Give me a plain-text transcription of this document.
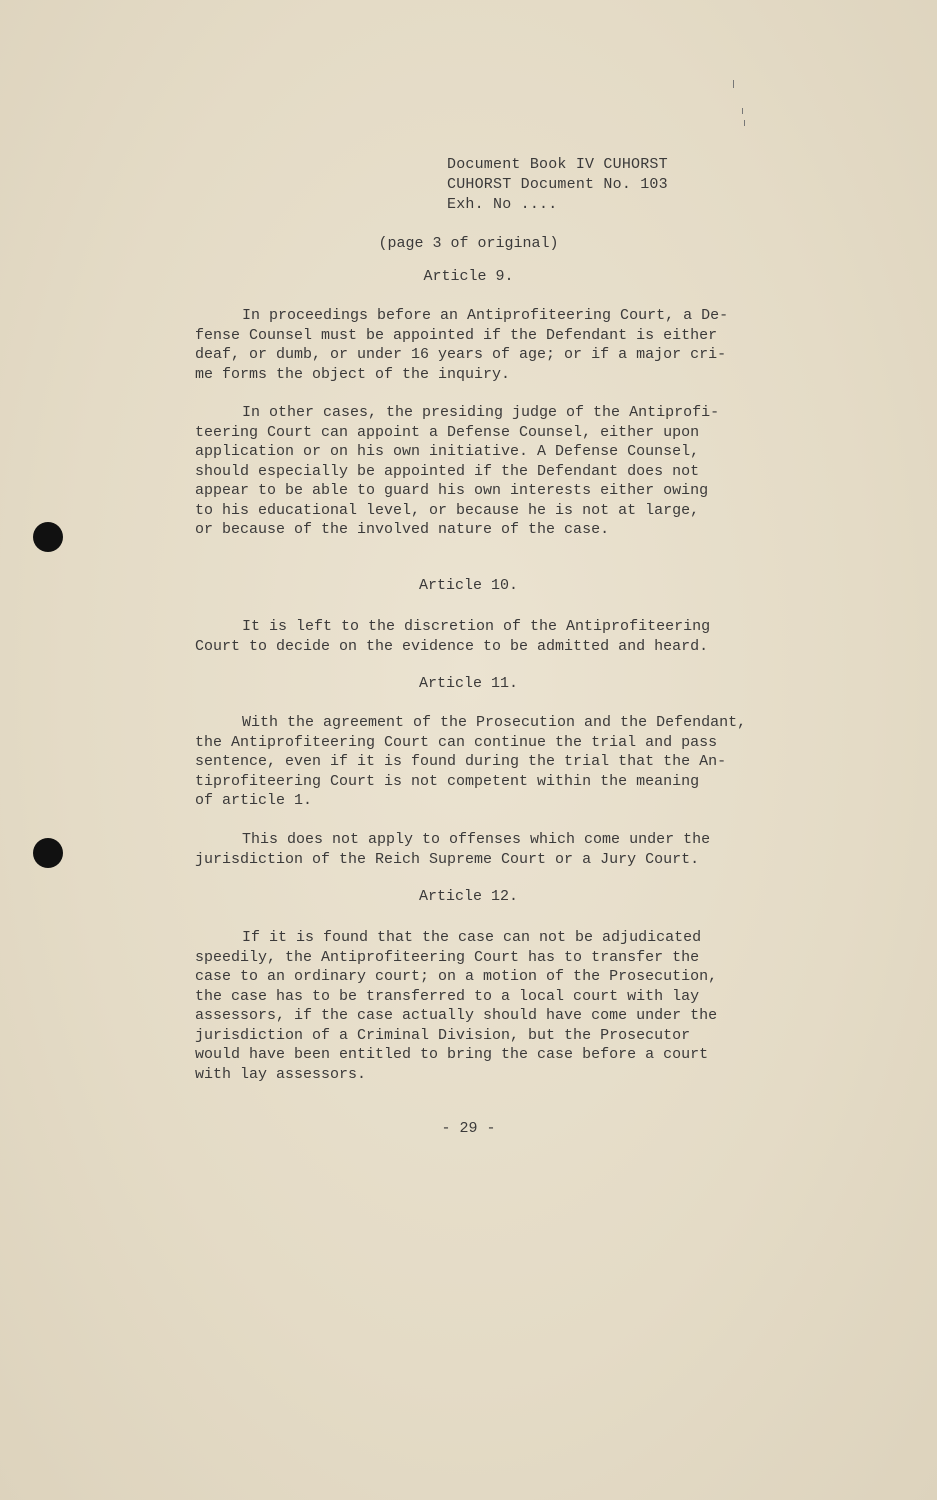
Document Book IV CUHORST
CUHORST Document No. 103
Exh. No ....
(page 3 of original)
Article 9.
In proceedings before an Antiprofiteering Court, a De-
fense Counsel must be appointed if the Defendant is either
deaf, or dumb, or under 16 years of age; or if a major cri-
me forms the object of the inquiry.
In other cases, the presiding judge of the Antiprofi-
teering Court can appoint a Defense Counsel, either upon
application or on his own initiative. A Defense Counsel,
should especially be appointed if the Defendant does not
appear to be able to guard his own interests either owing
to his educational level, or because he is not at large,
or because of the involved nature of the case.
Article 10.
It is left to the discretion of the Antiprofiteering
Court to decide on the evidence to be admitted and heard.
Article 11.
With the agreement of the Prosecution and the Defendant,
the Antiprofiteering Court can continue the trial and pass
sentence, even if it is found during the trial that the An-
tiprofiteering Court is not competent within the meaning
of article 1.
This does not apply to offenses which come under the
jurisdiction of the Reich Supreme Court or a Jury Court.
Article 12.
If it is found that the case can not be adjudicated
speedily, the Antiprofiteering Court has to transfer the
case to an ordinary court; on a motion of the Prosecution,
the case has to be transferred to a local court with lay
assessors, if the case actually should have come under the
jurisdiction of a Criminal Division, but the Prosecutor
would have been entitled to bring the case before a court
with lay assessors.
- 29 -
